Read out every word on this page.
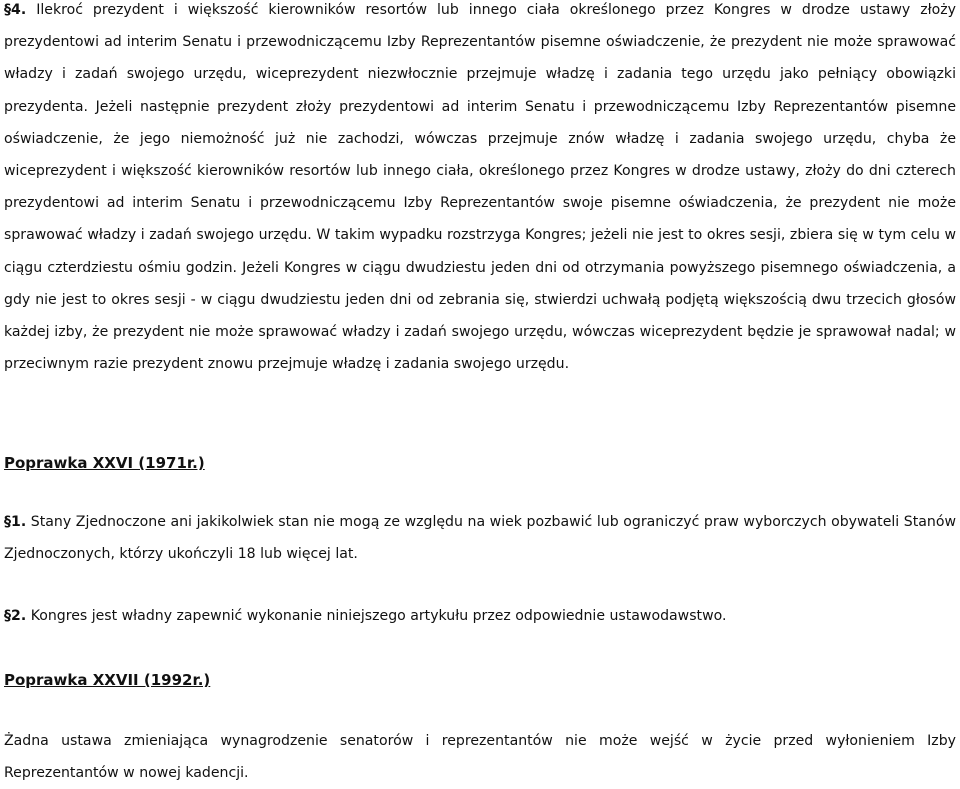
§4. Ilekroć prezydent i większość kierowników resortów lub innego ciała określonego przez Kongres w drodze ustawy złoży prezydentowi ad interim Senatu i przewodniczącemu Izby Reprezentantów pisemne oświadczenie, że prezydent nie może sprawować władzy i zadań swojego urzędu, wiceprezydent niezwłocznie przejmuje władzę i zadania tego urzędu jako pełniący obowiązki prezydenta. Jeżeli następnie prezydent złoży prezydentowi ad interim Senatu i przewodniczącemu Izby Reprezentantów pisemne oświadczenie, że jego niemożność już nie zachodzi, wówczas przejmuje znów władzę i zadania swojego urzędu, chyba że wiceprezydent i większość kierowników resortów lub innego ciała, określonego przez Kongres w drodze ustawy, złoży do dni czterech prezydentowi ad interim Senatu i przewodniczącemu Izby Reprezentantów swoje pisemne oświadczenia, że prezydent nie może sprawować władzy i zadań swojego urzędu. W takim wypadku rozstrzyga Kongres; jeżeli nie jest to okres sesji, zbiera się w tym celu w ciągu czterdziestu ośmiu godzin. Jeżeli Kongres w ciągu dwudziestu jeden dni od otrzymania powyższego pisemnego oświadczenia, a gdy nie jest to okres sesji - w ciągu dwudziestu jeden dni od zebrania się, stwierdzi uchwałą podjętą większością dwu trzecich głosów każdej izby, że prezydent nie może sprawować władzy i zadań swojego urzędu, wówczas wiceprezydent będzie je sprawował nadal; w przeciwnym razie prezydent znowu przejmuje władzę i zadania swojego urzędu.

Poprawka XXVI (1971r.)

§1. Stany Zjednoczone ani jakikolwiek stan nie mogą ze względu na wiek pozbawić lub ograniczyć praw wyborczych obywateli Stanów Zjednoczonych, którzy ukończyli 18 lub więcej lat.

§2. Kongres jest władny zapewnić wykonanie niniejszego artykułu przez odpowiednie ustawodawstwo.

Poprawka XXVII (1992r.)

Żadna ustawa zmieniająca wynagrodzenie senatorów i reprezentantów nie może wejść w życie przed wyłonieniem Izby Reprezentantów w nowej kadencji.
